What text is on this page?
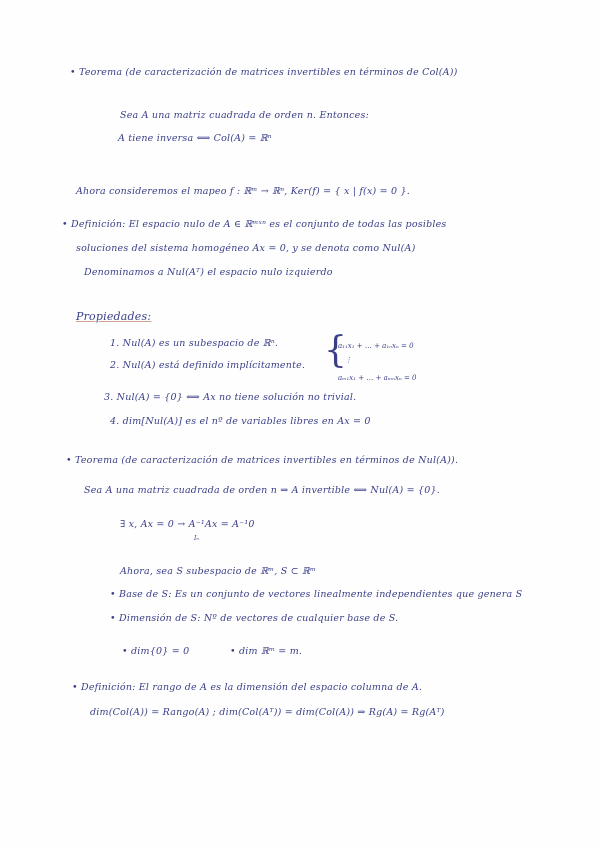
• Teorema (de caracterización de matrices invertibles en términos de Col(A))
Sea A una matriz cuadrada de orden n. Entonces:
A tiene inversa ⟺ Col(A) = ℝⁿ
Ahora consideremos el mapeo f : ℝᵐ → ℝⁿ, Ker(f) = { x | f(x) = 0 }.
• Definición: El espacio nulo de A ∈ ℝᵐˣⁿ es el conjunto de todas las posibles
soluciones del sistema homogéneo Ax = 0, y se denota como Nul(A)
Denominamos a Nul(Aᵀ) el espacio nulo izquierdo
Propiedades:
1. Nul(A) es un subespacio de ℝⁿ.
2. Nul(A) está definido implícitamente. {
a₁₁x₁ + … + a₁ₙxₙ = 0
⋮
aₘ₁x₁ + … + aₘₙxₙ = 0
3. Nul(A) = {0} ⟺ Ax no tiene solución no trivial.
4. dim[Nul(A)] es el nº de variables libres en Ax = 0
• Teorema (de caracterización de matrices invertibles en términos de Nul(A)).
Sea A una matriz cuadrada de orden n ⇒ A invertible ⟺ Nul(A) = {0}.
∃ x, Ax = 0 → A⁻¹Ax = A⁻¹0
Iₙ
Ahora, sea S subespacio de ℝᵐ, S ⊂ ℝᵐ
• Base de S: Es un conjunto de vectores linealmente independientes que genera S
• Dimensión de S: Nº de vectores de cualquier base de S.
• dim{0} = 0	• dim ℝᵐ = m.
• Definición: El rango de A es la dimensión del espacio columna de A.
dim(Col(A)) = Rango(A) ; dim(Col(Aᵀ)) = dim(Col(A)) ⇒ Rg(A) = Rg(Aᵀ)
